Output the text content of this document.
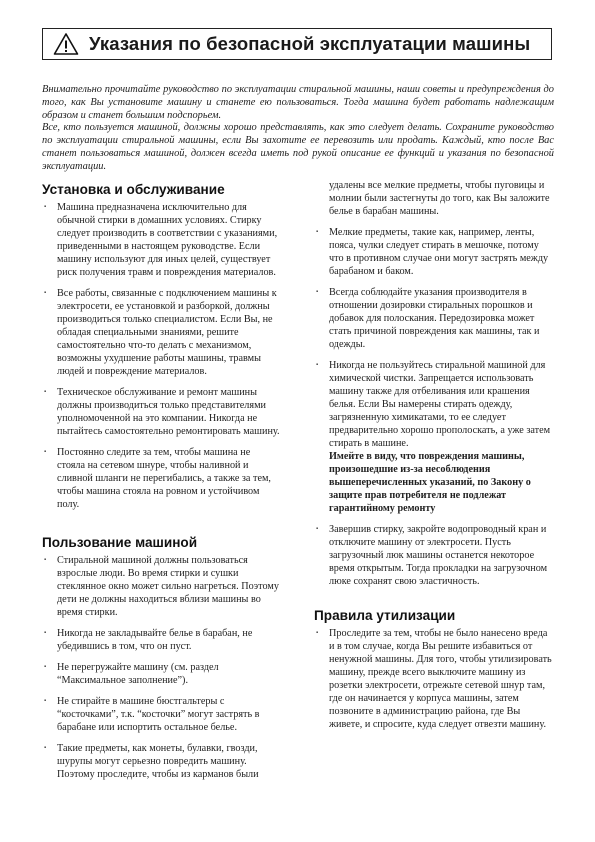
Указания по безопасной эксплуатации машины

Внимательно прочитайте руководство по эксплуатации стиральной машины, наши советы и предупреждения до того, как Вы установите машину и станете ею пользоваться. Тогда машина будет работать надлежащим образом и станет большим подспорьем.

Все, кто пользуется машиной, должны хорошо представлять, как это следует делать. Сохраните руководство по эксплуатации стиральной машины, если Вы захотите ее перевозить или продать. Каждый, кто после Вас станет пользоваться машиной, должен всегда иметь под рукой описание ее функций и указания по безопасной эксплуатации.

Установка и обслуживание
▪ Машина предназначена исключительно для обычной стирки в домашних условиях. Стирку следует производить в соответствии с указаниями, приведенными в настоящем руководстве. Если машину используют для иных целей, существует риск получения травм и повреждения материалов.
▪ Все работы, связанные с подключением машины к электросети, ее установкой и разборкой, должны производиться только специалистом. Если Вы, не обладая специальными знаниями, решите самостоятельно что-то делать с механизмом, возможны ухудшение работы машины, травмы людей и повреждение материалов.
▪ Техническое обслуживание и ремонт машины должны производиться только представителями уполномоченной на это компании. Никогда не пытайтесь самостоятельно ремонтировать машину.
▪ Постоянно следите за тем, чтобы машина не стояла на сетевом шнуре, чтобы наливной и сливной шланги не перегибались, а также за тем, чтобы машина стояла на ровном и устойчивом полу.
Пользование машиной
▪ Стиральной машиной должны пользоваться взрослые люди. Во время стирки и сушки стеклянное окно может сильно нагреться. Поэтому дети не должны находиться вблизи машины во время стирки.
▪ Никогда не закладывайте белье в барабан, не убедившись в том, что он пуст.
▪ Не перегружайте машину (см. раздел “Максимальное заполнение”).
▪ Не стирайте в машине бюстгальтеры с “косточками”, т.к. “косточки” могут застрять в барабане или испортить остальное белье.
▪ Такие предметы, как монеты, булавки, гвозди, шурупы могут серьезно повредить машину. Поэтому проследите, чтобы из карманов были
удалены все мелкие предметы, чтобы пуговицы и молнии были застегнуты до того, как Вы заложите белье в барабан машины.
▪ Мелкие предметы, такие как, например, ленты, пояса, чулки следует стирать в мешочке, потому что в противном случае они могут застрять между барабаном и баком.
▪ Всегда соблюдайте указания производителя в отношении дозировки стиральных порошков и добавок для полоскания. Передозировка может стать причиной повреждения как машины, так и одежды.
▪ Никогда не пользуйтесь стиральной машиной для химической чистки. Запрещается использовать машину также для отбеливания или крашения белья. Если Вы намерены стирать одежду, загрязненную химикатами, то ее следует предварительно хорошо прополоскать, а уже затем стирать в машине.
Имейте в виду, что повреждения машины, произошедшие из-за несоблюдения вышеперечисленных указаний, по Закону о защите прав потребителя не подлежат гарантийному ремонту
▪ Завершив стирку, закройте водопроводный кран и отключите машину от электросети. Пусть загрузочный люк машины останется некоторое время открытым. Тогда прокладки на загрузочном люке сохранят свою эластичность.
Правила утилизации
▪ Проследите за тем, чтобы не было нанесено вреда и в том случае, когда Вы решите избавиться от ненужной машины. Для того, чтобы утилизировать машину, прежде всего выключите машину из розетки электросети, отрежьте сетевой шнур там, где он начинается у корпуса машины, затем позвоните в администрацию района, где Вы живете, и спросите, куда следует отвезти машину.
